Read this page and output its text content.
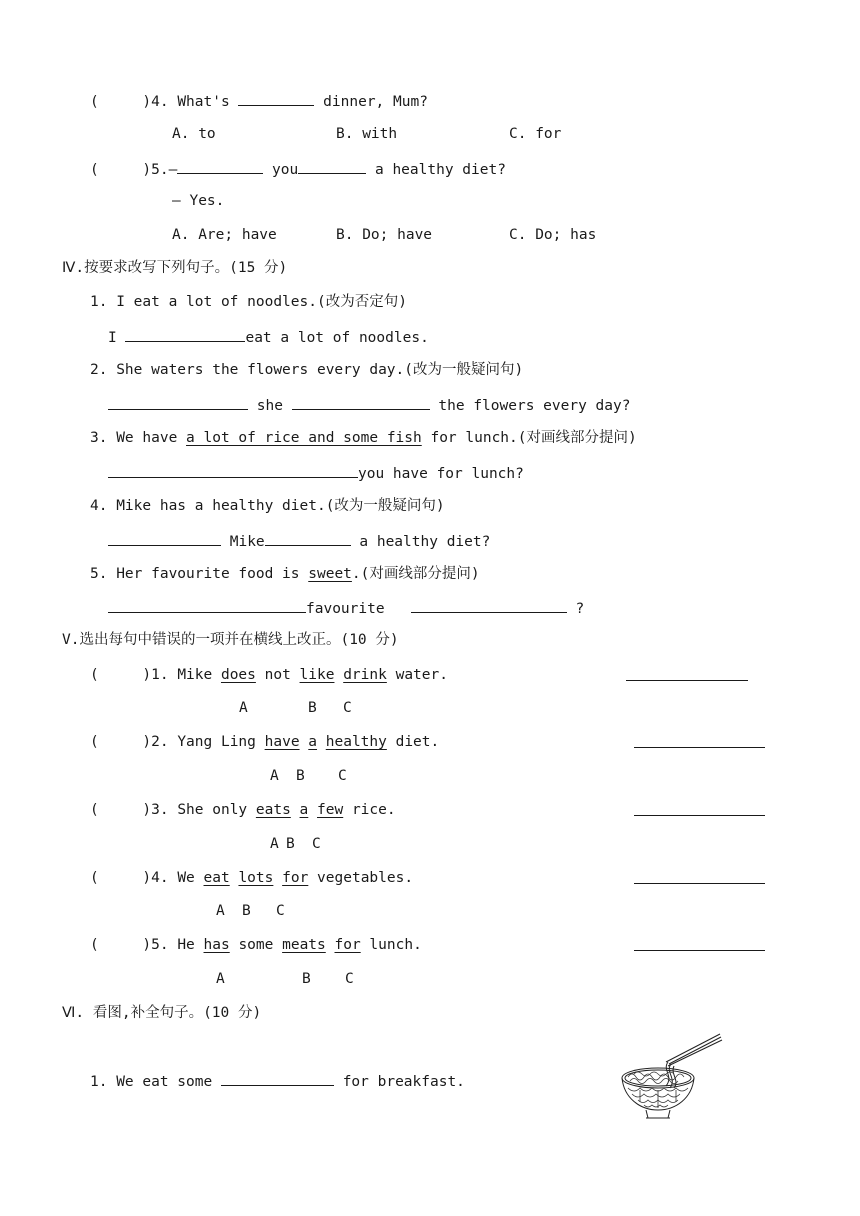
(     )4. What's	dinner, Mum?
A. to	B. with	C. for
(     )5.—	you	a healthy diet?
— Yes.
A. Are; have	B. Do; have	C. Do; has
Ⅳ.按要求改写下列句子。(15 分)
1. I eat a lot of noodles.(改为否定句)
I	eat a lot of noodles.
2. She waters the flowers every day.(改为一般疑问句)
she	the flowers every day?
3. We have a lot of rice and some fish for lunch.(对画线部分提问)
you have for lunch?
4. Mike has a healthy diet.(改为一般疑问句)
Mike	a healthy diet?
5. Her favourite food is sweet.(对画线部分提问)
favourite	?
V.选出每句中错误的一项并在横线上改正。(10 分)
(     )1. Mike does not like drink water.
A	B C
(     )2. Yang Ling have a healthy diet.
A B C
(     )3. She only eats a few rice.
A B C
(     )4. We eat lots for vegetables.
A B C
(     )5. He has some meats for lunch.
A	B C
Ⅵ. 看图,补全句子。(10 分)
1. We eat some	for breakfast.
